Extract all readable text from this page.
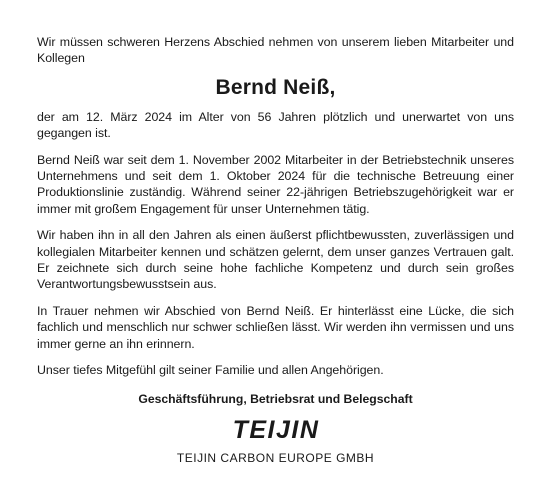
Wir müssen schweren Herzens Abschied nehmen von unserem lieben Mitarbeiter und Kollegen

Bernd Neiß,

der am 12. März 2024 im Alter von 56 Jahren plötzlich und unerwartet von uns gegangen ist.

Bernd Neiß war seit dem 1. November 2002 Mitarbeiter in der Betriebstechnik unseres Unternehmens und seit dem 1. Oktober 2024 für die technische Betreuung einer Produktionslinie zuständig. Während seiner 22-jährigen Betriebszugehörigkeit war er immer mit großem Engagement für unser Unternehmen tätig.

Wir haben ihn in all den Jahren als einen äußerst pflichtbewussten, zuverlässigen und kollegialen Mitarbeiter kennen und schätzen gelernt, dem unser ganzes Vertrauen galt. Er zeichnete sich durch seine hohe fachliche Kompetenz und durch sein großes Verantwortungsbewusstsein aus.

In Trauer nehmen wir Abschied von Bernd Neiß. Er hinterlässt eine Lücke, die sich fachlich und menschlich nur schwer schließen lässt. Wir werden ihn vermissen und uns immer gerne an ihn erinnern.

Unser tiefes Mitgefühl gilt seiner Familie und allen Angehörigen.

Geschäftsführung, Betriebsrat und Belegschaft
TEIJIN
TEIJIN CARBON EUROPE GMBH
